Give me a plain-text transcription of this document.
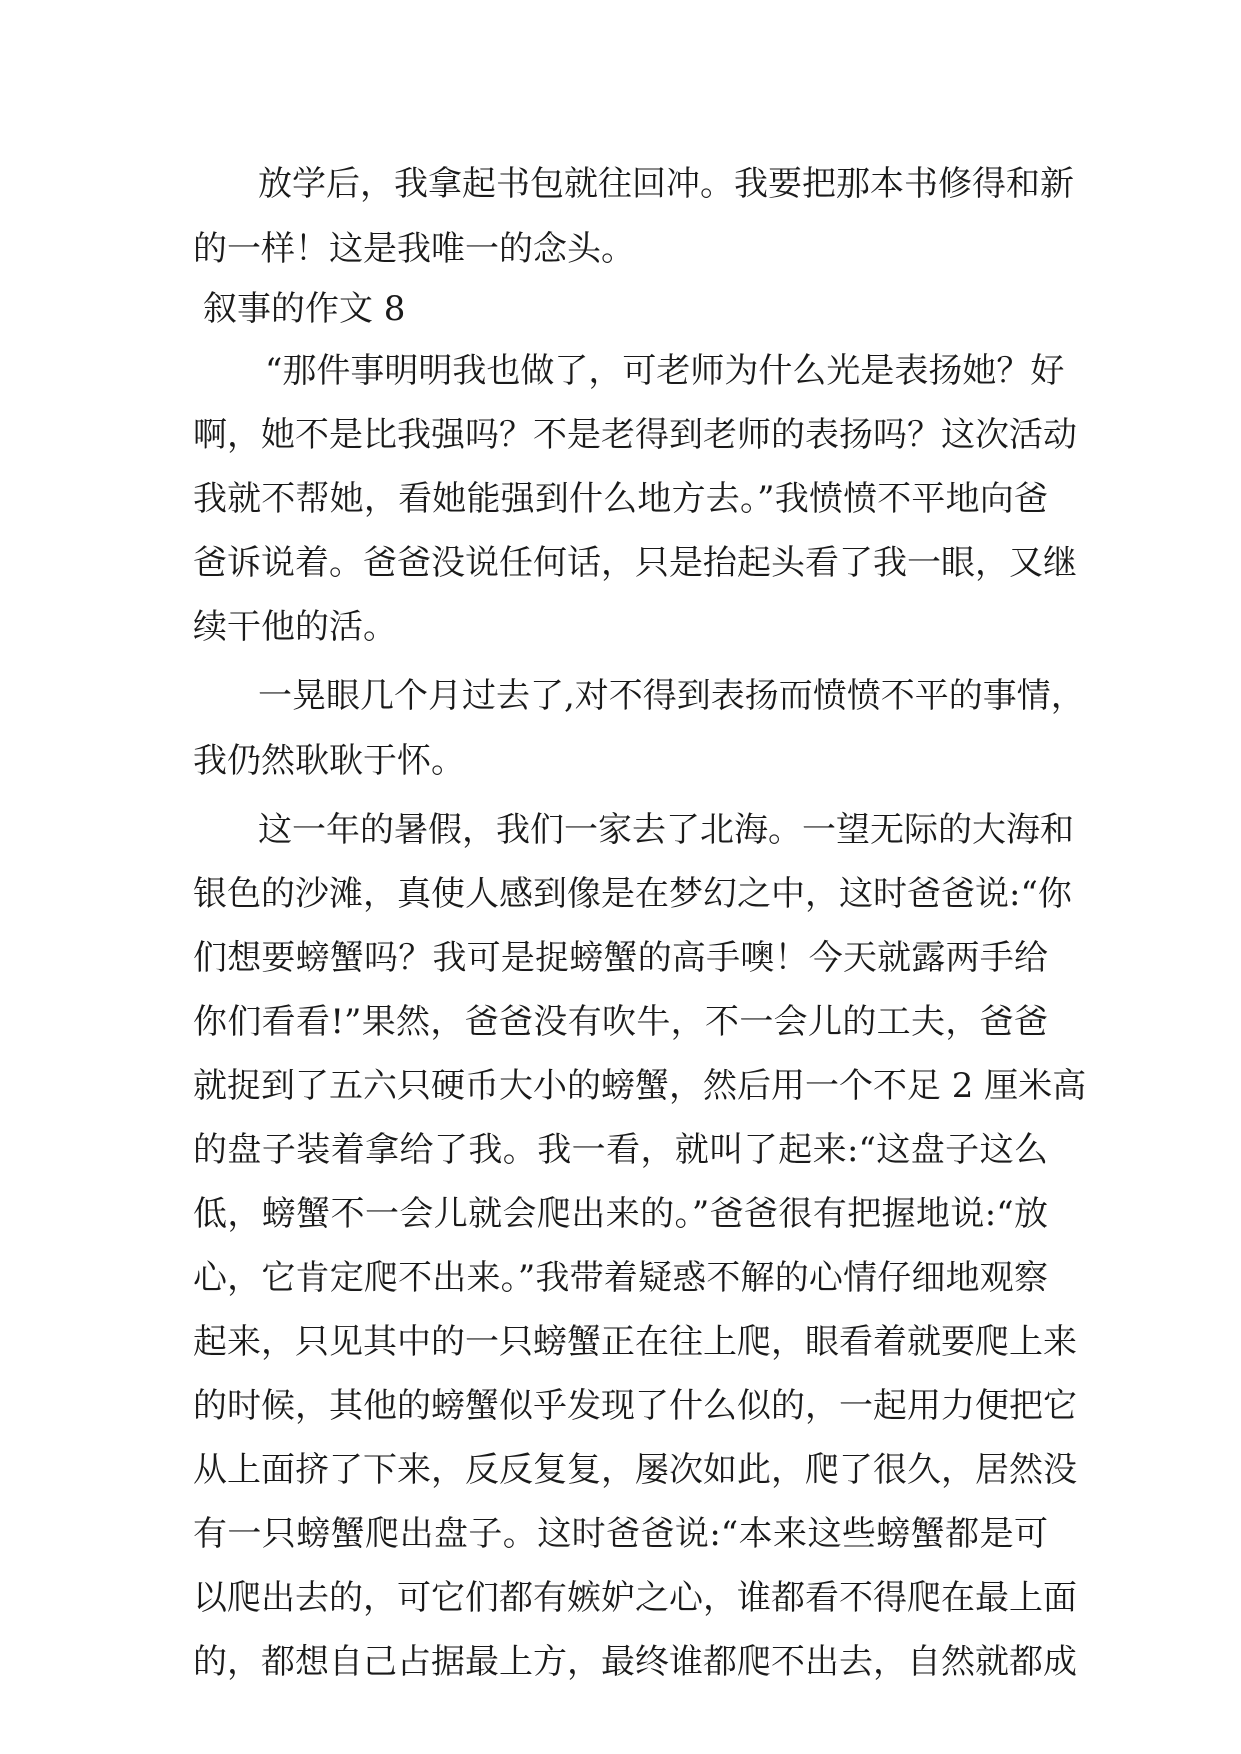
放学后，我拿起书包就往回冲。我要把那本书修得和新
的一样！这是我唯一的念头。
叙事的作文 8
“那件事明明我也做了，可老师为什么光是表扬她？好
啊，她不是比我强吗？不是老得到老师的表扬吗？这次活动
我就不帮她，看她能强到什么地方去。”我愤愤不平地向爸
爸诉说着。爸爸没说任何话，只是抬起头看了我一眼，又继
续干他的活。
一晃眼几个月过去了,对不得到表扬而愤愤不平的事情，
我仍然耿耿于怀。
这一年的暑假，我们一家去了北海。一望无际的大海和
银色的沙滩，真使人感到像是在梦幻之中，这时爸爸说:“你
们想要螃蟹吗？我可是捉螃蟹的高手噢！今天就露两手给
你们看看!”果然，爸爸没有吹牛，不一会儿的工夫，爸爸
就捉到了五六只硬币大小的螃蟹，然后用一个不足 2 厘米高
的盘子装着拿给了我。我一看，就叫了起来:“这盘子这么
低，螃蟹不一会儿就会爬出来的。”爸爸很有把握地说:“放
心，它肯定爬不出来。”我带着疑惑不解的心情仔细地观察
起来，只见其中的一只螃蟹正在往上爬，眼看着就要爬上来
的时候，其他的螃蟹似乎发现了什么似的，一起用力便把它
从上面挤了下来，反反复复，屡次如此，爬了很久，居然没
有一只螃蟹爬出盘子。这时爸爸说:“本来这些螃蟹都是可
以爬出去的，可它们都有嫉妒之心，谁都看不得爬在最上面
的，都想自己占据最上方，最终谁都爬不出去，自然就都成
